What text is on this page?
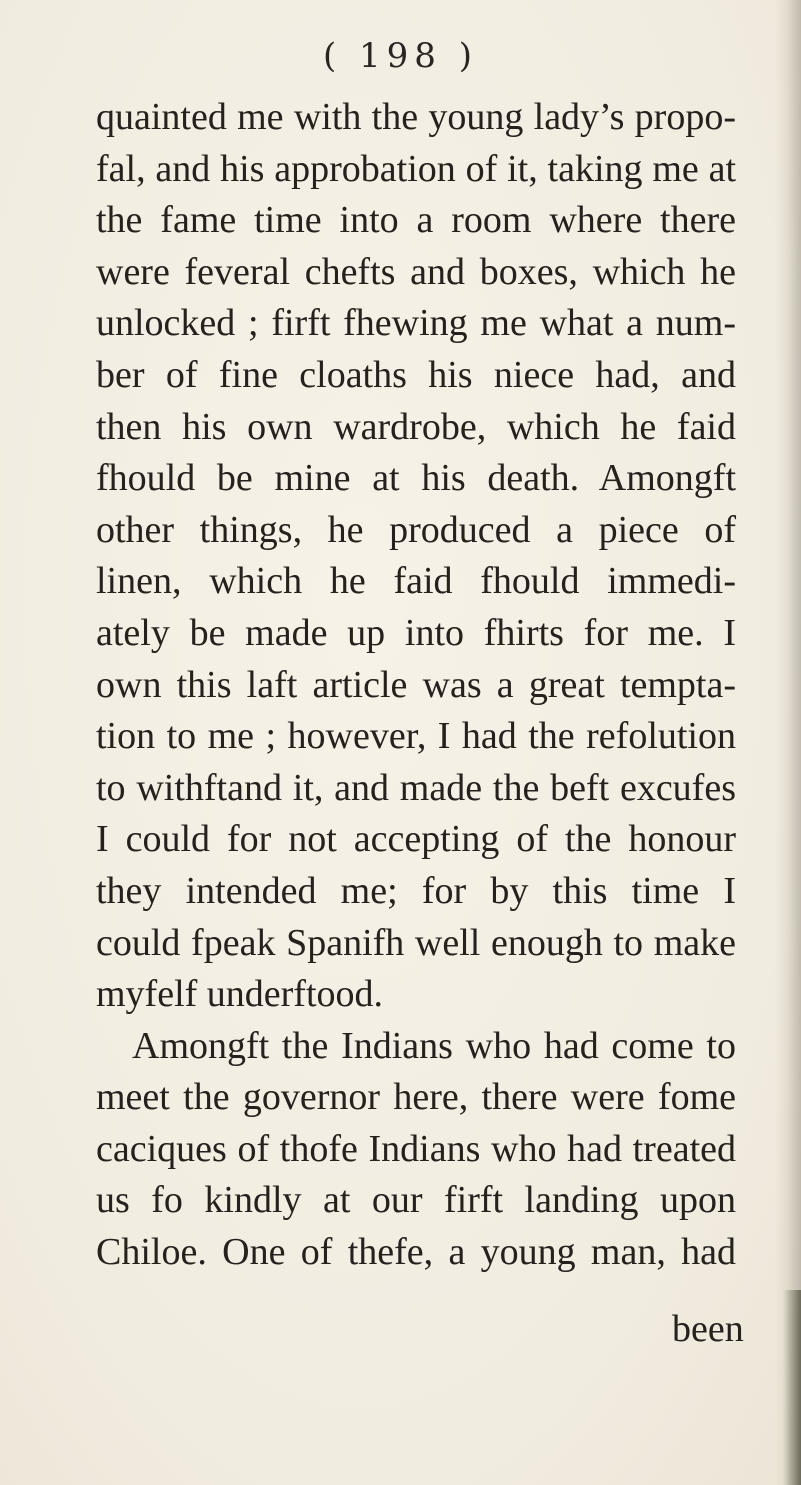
( 198 )

quainted me with the young lady’s propo-
fal, and his approbation of it, taking me at
the fame time into a room where there
were feveral chefts and boxes, which he
unlocked ; firft fhewing me what a num-
ber of fine cloaths his niece had, and
then his own wardrobe, which he faid
fhould be mine at his death. Amongft
other things, he produced a piece of
linen, which he faid fhould immedi-
ately be made up into fhirts for me. I
own this laft article was a great tempta-
tion to me ; however, I had the refolution
to withftand it, and made the beft excufes
I could for not accepting of the honour
they intended me; for by this time I
could fpeak Spanifh well enough to make
myfelf underftood.
Amongft the Indians who had come to
meet the governor here, there were fome
caciques of thofe Indians who had treated
us fo kindly at our firft landing upon
Chiloe. One of thefe, a young man, had

been
